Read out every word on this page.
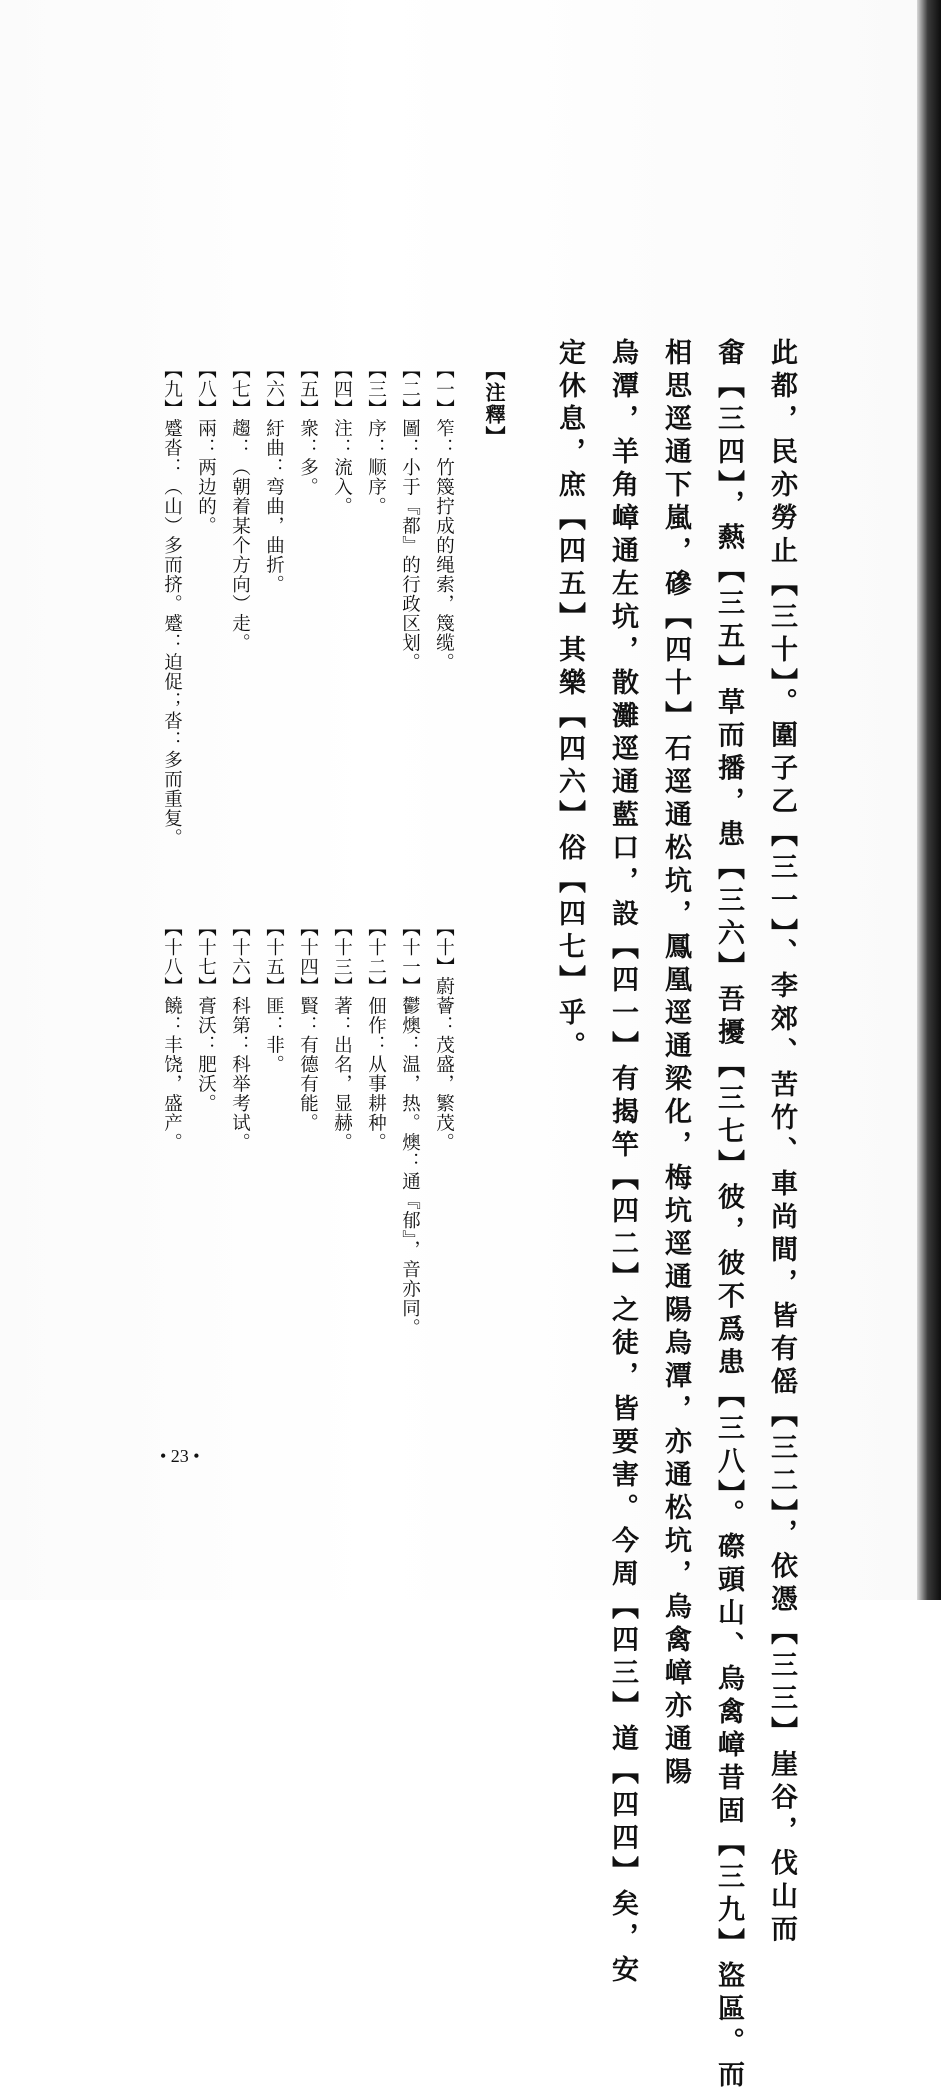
此都，民亦勞止【三十】。圍子乙【三一】、李郊、苦竹、車尚間，皆有傜【三二】，依憑【三三】崖谷，伐山而
畬【三四】，爇【三五】草而播，患【三六】吾擾【三七】彼，彼不爲患【三八】。磜頭山、烏禽嶂昔固【三九】盜區。而
相思逕通下嵐，磣【四十】石逕通松坑，鳳凰逕通梁化，梅坑逕通陽烏潭，亦通松坑，烏禽嶂亦通陽
烏潭，羊角嶂通左坑，散灘逕通藍口，設【四一】有揭竿【四二】之徒，皆要害。今周【四三】道【四四】矣，安
定休息，庶【四五】其樂【四六】俗【四七】乎。
【注釋】
【一】笮：竹篾拧成的绳索，篾缆。
【二】圖：小于『都』的行政区划。
【三】序：顺序。
【四】注：流入。
【五】衆：多。
【六】紆曲：弯曲，曲折。
【七】趨：（朝着某个方向）走。
【八】兩：两边的。
【九】蹙沓：（山）多而挤。蹙：迫促；沓：多而重复。
【十】蔚薈：茂盛，繁茂。
【十一】鬱燠：温，热。燠：通『郁』，音亦同。
【十二】佃作：从事耕种。
【十三】著：出名，显赫。
【十四】賢：有德有能。
【十五】匪：非。
【十六】科第：科举考试。
【十七】膏沃：肥沃。
【十八】饒：丰饶，盛产。
• 23 •
